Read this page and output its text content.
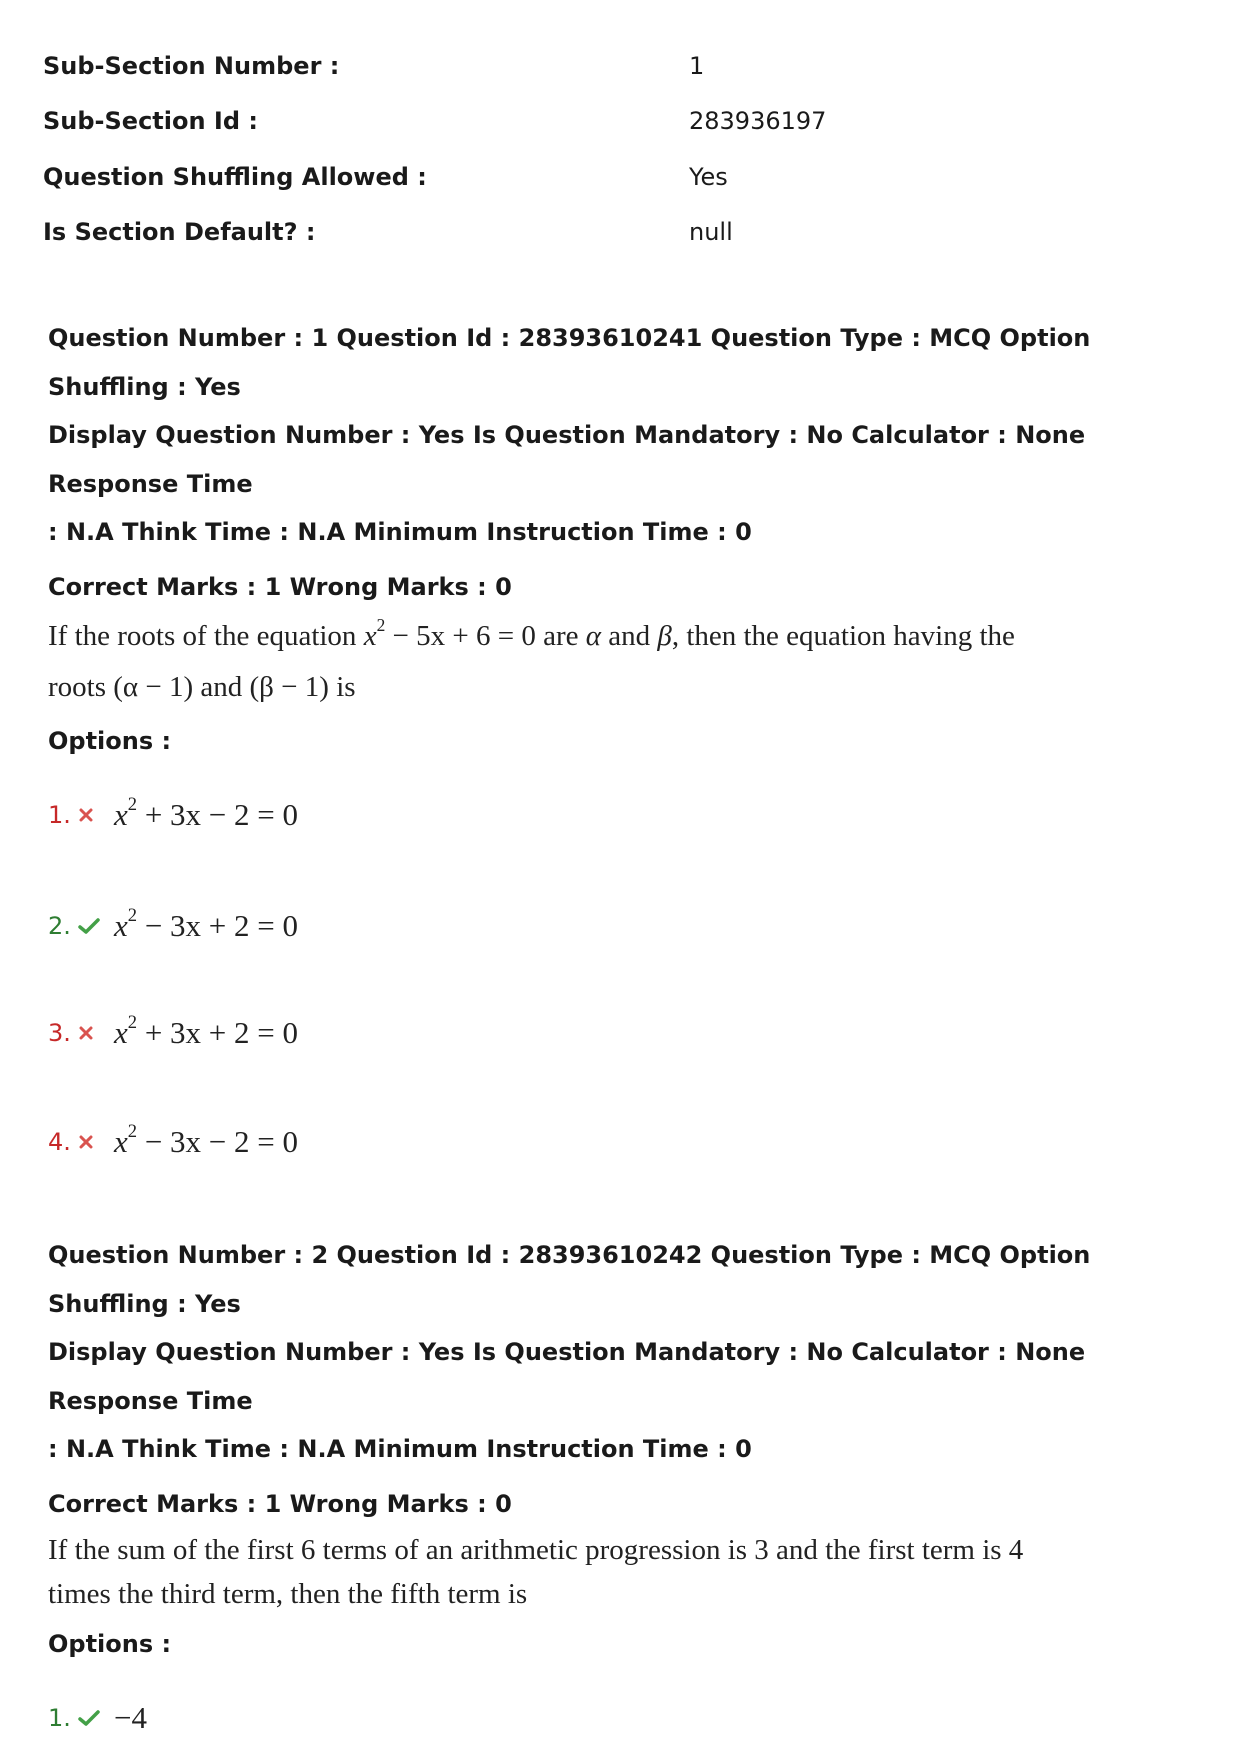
Sub-Section Number :	1
Sub-Section Id :	283936197
Question Shuffling Allowed :	Yes
Is Section Default? :	null
Question Number : 1 Question Id : 28393610241 Question Type : MCQ Option Shuffling : Yes
Display Question Number : Yes Is Question Mandatory : No Calculator : None Response Time
: N.A Think Time : N.A Minimum Instruction Time : 0
Correct Marks : 1 Wrong Marks : 0
If the roots of the equation $x^2 - 5x + 6 = 0$ are α and β, then the equation having the
roots (α − 1) and (β − 1) is
Options :
1. $x^2 + 3x - 2 = 0$
2. $x^2 - 3x + 2 = 0$
3. $x^2 + 3x + 2 = 0$
4. $x^2 - 3x - 2 = 0$
Question Number : 2 Question Id : 28393610242 Question Type : MCQ Option Shuffling : Yes
Display Question Number : Yes Is Question Mandatory : No Calculator : None Response Time
: N.A Think Time : N.A Minimum Instruction Time : 0
Correct Marks : 1 Wrong Marks : 0
If the sum of the first 6 terms of an arithmetic progression is 3 and the first term is 4
times the third term, then the fifth term is
Options :
1. −4
